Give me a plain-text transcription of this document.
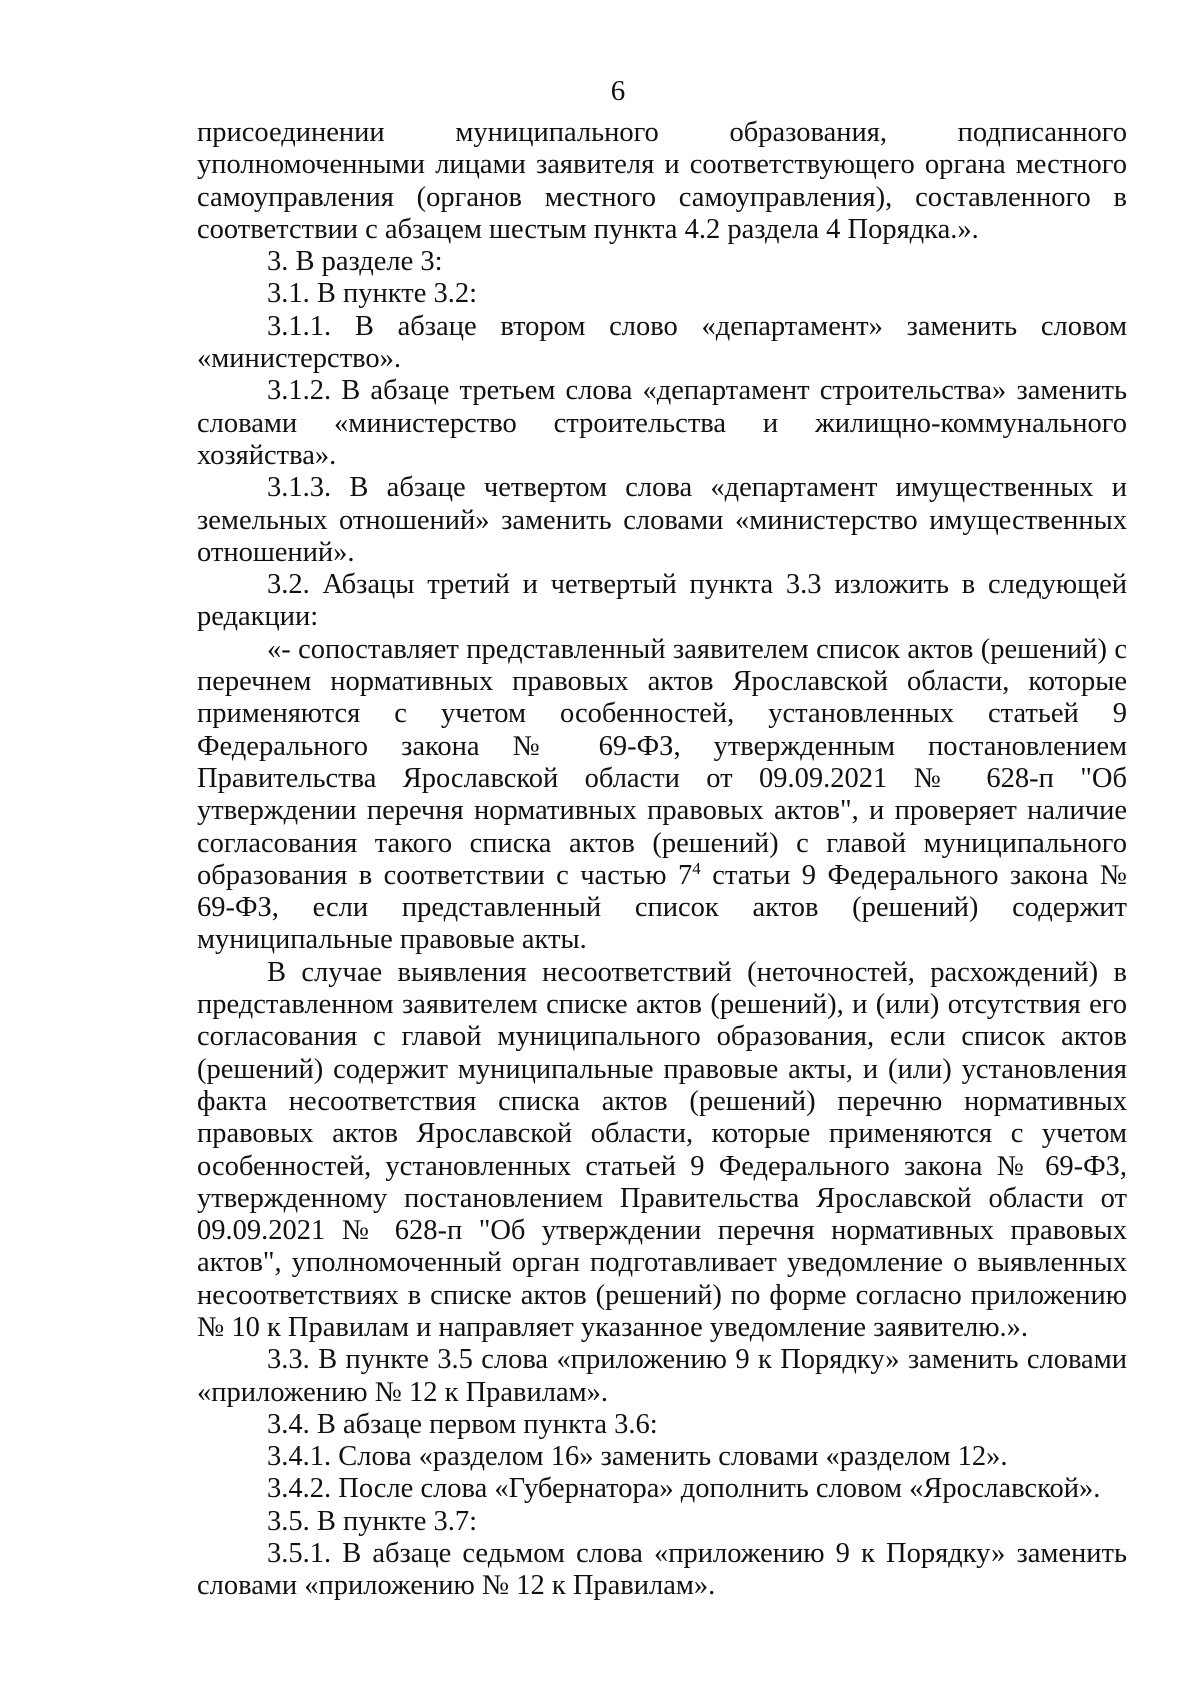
6

присоединении муниципального образования, подписанного уполномоченными лицами заявителя и соответствующего органа местного самоуправления (органов местного самоуправления), составленного в соответствии с абзацем шестым пункта 4.2 раздела 4 Порядка.».

3. В разделе 3:

3.1. В пункте 3.2:

3.1.1. В абзаце втором слово «департамент» заменить словом «министерство».

3.1.2. В абзаце третьем слова «департамент строительства» заменить словами «министерство строительства и жилищно-коммунального хозяйства».

3.1.3. В абзаце четвертом слова «департамент имущественных и земельных отношений» заменить словами «министерство имущественных отношений».

3.2. Абзацы третий и четвертый пункта 3.3 изложить в следующей редакции:

«- сопоставляет представленный заявителем список актов (решений) с перечнем нормативных правовых актов Ярославской области, которые применяются с учетом особенностей, установленных статьей 9 Федерального закона № 69-ФЗ, утвержденным постановлением Правительства Ярославской области от 09.09.2021 № 628-п "Об утверждении перечня нормативных правовых актов", и проверяет наличие согласования такого списка актов (решений) с главой муниципального образования в соответствии с частью $7^4$ статьи 9 Федерального закона № 69-ФЗ, если представленный список актов (решений) содержит муниципальные правовые акты.

В случае выявления несоответствий (неточностей, расхождений) в представленном заявителем списке актов (решений), и (или) отсутствия его согласования с главой муниципального образования, если список актов (решений) содержит муниципальные правовые акты, и (или) установления факта несоответствия списка актов (решений) перечню нормативных правовых актов Ярославской области, которые применяются с учетом особенностей, установленных статьей 9 Федерального закона № 69-ФЗ, утвержденному постановлением Правительства Ярославской области от 09.09.2021 № 628-п "Об утверждении перечня нормативных правовых актов", уполномоченный орган подготавливает уведомление о выявленных несоответствиях в списке актов (решений) по форме согласно приложению № 10 к Правилам и направляет указанное уведомление заявителю.».

3.3. В пункте 3.5 слова «приложению 9 к Порядку» заменить словами «приложению № 12 к Правилам».

3.4. В абзаце первом пункта 3.6:

3.4.1. Слова «разделом 16» заменить словами «разделом 12».

3.4.2. После слова «Губернатора» дополнить словом «Ярославской».

3.5. В пункте 3.7:

3.5.1. В абзаце седьмом слова «приложению 9 к Порядку» заменить словами «приложению № 12 к Правилам».
